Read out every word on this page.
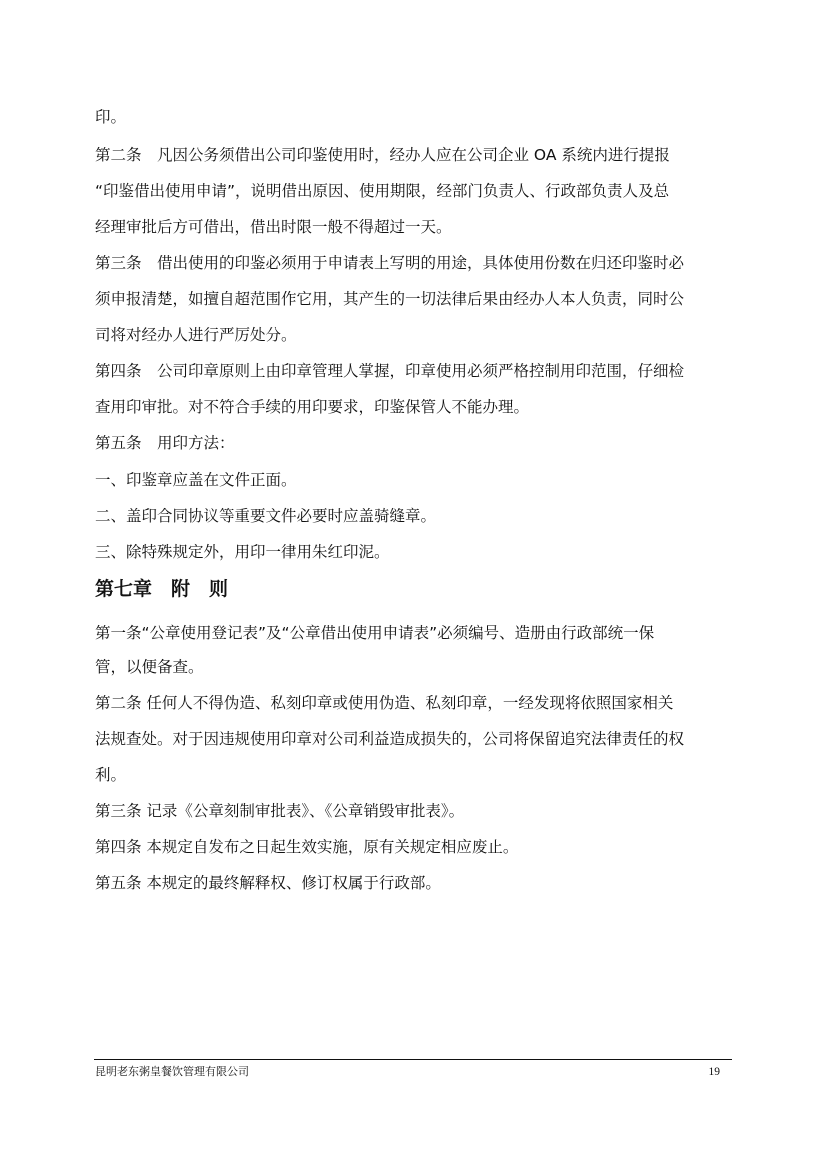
印。
第二条　凡因公务须借出公司印鉴使用时，经办人应在公司企业 OA 系统内进行提报
“印鉴借出使用申请”，说明借出原因、使用期限，经部门负责人、行政部负责人及总
经理审批后方可借出，借出时限一般不得超过一天。
第三条　借出使用的印鉴必须用于申请表上写明的用途，具体使用份数在归还印鉴时必
须申报清楚，如擅自超范围作它用，其产生的一切法律后果由经办人本人负责，同时公
司将对经办人进行严厉处分。
第四条　公司印章原则上由印章管理人掌握，印章使用必须严格控制用印范围，仔细检
查用印审批。对不符合手续的用印要求，印鉴保管人不能办理。
第五条　用印方法：
一、印鉴章应盖在文件正面。
二、盖印合同协议等重要文件必要时应盖骑缝章。
三、除特殊规定外，用印一律用朱红印泥。
第七章　附　则
第一条“公章使用登记表”及“公章借出使用申请表”必须编号、造册由行政部统一保
管，以便备查。
第二条 任何人不得伪造、私刻印章或使用伪造、私刻印章，一经发现将依照国家相关
法规查处。对于因违规使用印章对公司利益造成损失的，公司将保留追究法律责任的权
利。
第三条 记录《公章刻制审批表》、《公章销毁审批表》。
第四条 本规定自发布之日起生效实施，原有关规定相应废止。
第五条 本规定的最终解释权、修订权属于行政部。
昆明老东粥皇餐饮管理有限公司	19
